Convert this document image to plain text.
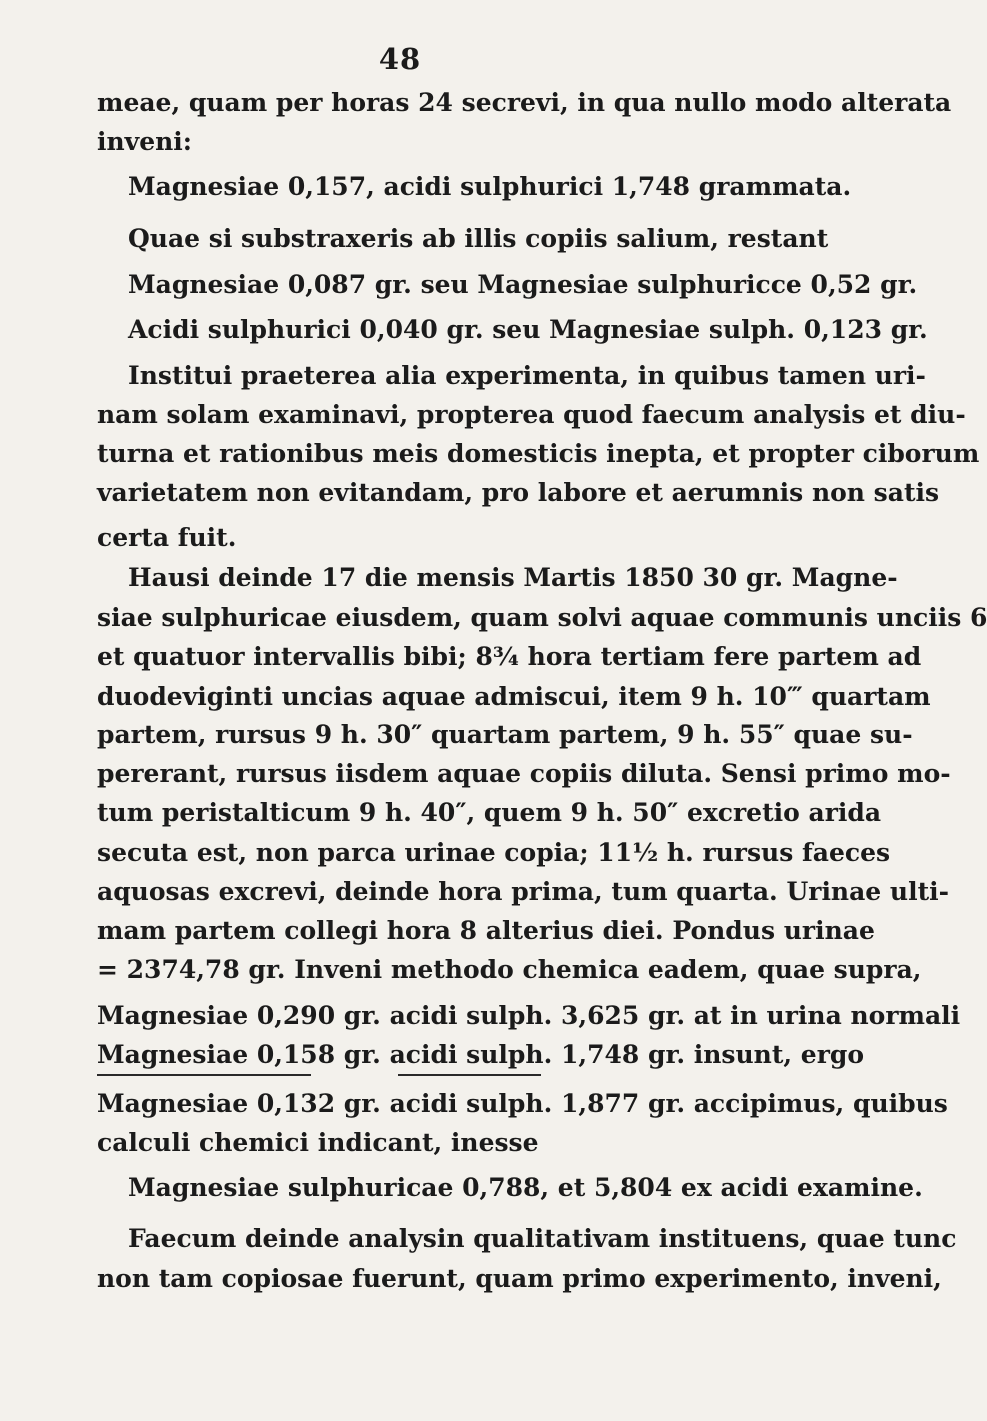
48
meae, quam per horas 24 secrevi, in qua nullo modo alterata
inveni:
Magnesiae 0,157, acidi sulphurici 1,748 grammata.
Quae si substraxeris ab illis copiis salium, restant
Magnesiae 0,087 gr. seu Magnesiae sulphuricce 0,52 gr.
Acidi sulphurici 0,040 gr. seu Magnesiae sulph. 0,123 gr.
Institui praeterea alia experimenta, in quibus tamen uri-
nam solam examinavi, propterea quod faecum analysis et diu-
turna et rationibus meis domesticis inepta, et propter ciborum
varietatem non evitandam, pro labore et aerumnis non satis
certa fuit.
Hausi deinde 17 die mensis Martis 1850 30 gr. Magne-
siae sulphuricae eiusdem, quam solvi aquae communis unciis 6
et quatuor intervallis bibi; 8¾ hora tertiam fere partem ad
duodeviginti uncias aquae admiscui, item 9 h. 10‴ quartam
partem, rursus 9 h. 30″ quartam partem, 9 h. 55″ quae su-
pererant, rursus iisdem aquae copiis diluta. Sensi primo mo-
tum peristalticum 9 h. 40″, quem 9 h. 50″ excretio arida
secuta est, non parca urinae copia; 11½ h. rursus faeces
aquosas excrevi, deinde hora prima, tum quarta. Urinae ulti-
mam partem collegi hora 8 alterius diei. Pondus urinae
= 2374,78 gr. Inveni methodo chemica eadem, quae supra,
Magnesiae 0,290 gr. acidi sulph. 3,625 gr. at in urina normali
Magnesiae 0,158 gr. acidi sulph. 1,748 gr. insunt, ergo
Magnesiae 0,132 gr. acidi sulph. 1,877 gr. accipimus, quibus
calculi chemici indicant, inesse
Magnesiae sulphuricae 0,788, et 5,804 ex acidi examine.
Faecum deinde analysin qualitativam instituens, quae tunc
non tam copiosae fuerunt, quam primo experimento, inveni,
